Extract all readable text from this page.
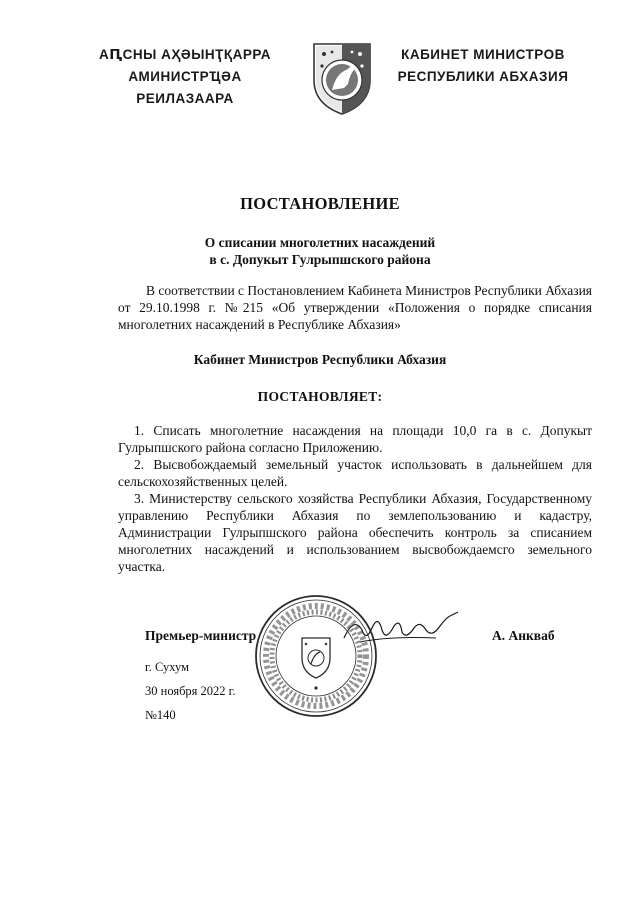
АԤСНЫ АҲӘЫНҬҚАРРА
АМИНИСТРҴӘА РЕИЛАЗААРА
КАБИНЕТ МИНИСТРОВ
РЕСПУБЛИКИ АБХАЗИЯ
ПОСТАНОВЛЕНИЕ
О списании многолетних насаждений
в с. Допукыт Гулрыпшского района

В соответствии с Постановлением Кабинета Министров Республики Абхазия от 29.10.1998 г. №215 «Об утверждении «Положения о порядке списания многолетних насаждений в Республике Абхазия»

Кабинет Министров Республики Абхазия
ПОСТАНОВЛЯЕТ:

1. Списать многолетние насаждения на площади 10,0 га в с. Допукыт Гулрыпшского района согласно Приложению.

2. Высвобождаемый земельный участок использовать в дальнейшем для сельскохозяйственных целей.

3. Министерству сельского хозяйства Республики Абхазия, Государственному управлению Республики Абхазия по землепользованию и кадастру, Администрации Гулрыпшского района обеспечить контроль за списанием многолетних насаждений и использованием высвобождаемсго земельного участка.

Премьер-министр	А. Анкваб
г. Сухум
30 ноября 2022 г.
№140
